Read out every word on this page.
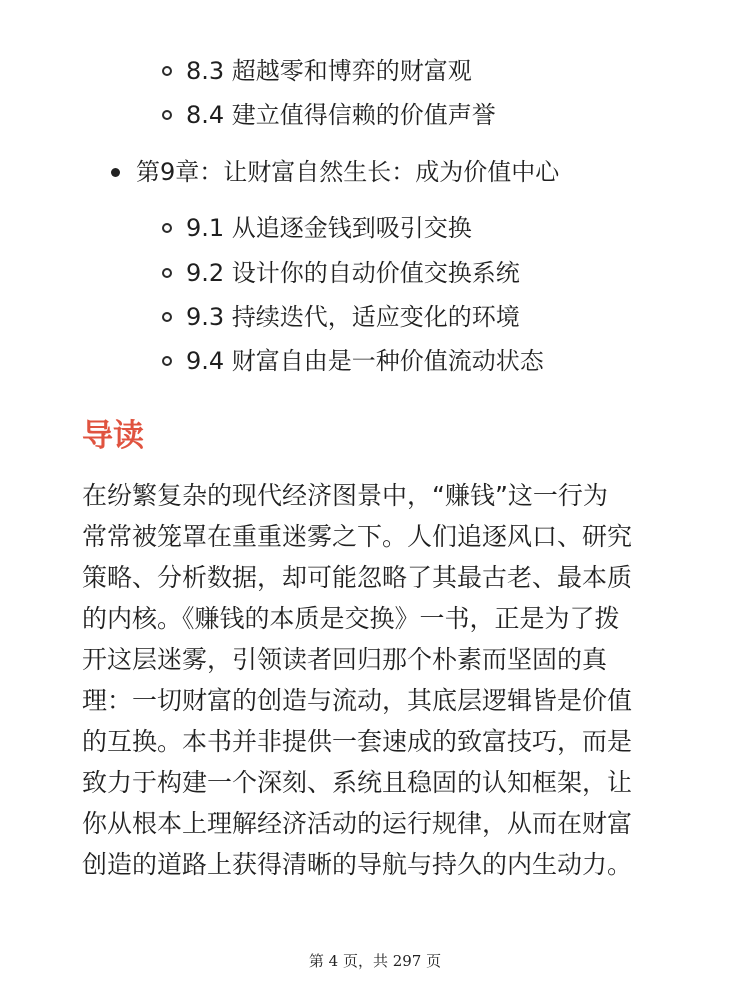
8.3 超越零和博弈的财富观
8.4 建立值得信赖的价值声誉
第9章：让财富自然生长：成为价值中心
9.1 从追逐金钱到吸引交换
9.2 设计你的自动价值交换系统
9.3 持续迭代，适应变化的环境
9.4 财富自由是一种价值流动状态
导读
在纷繁复杂的现代经济图景中，“赚钱”这一行为
常常被笼罩在重重迷雾之下。人们追逐风口、研究
策略、分析数据，却可能忽略了其最古老、最本质
的内核。《赚钱的本质是交换》一书，正是为了拨
开这层迷雾，引领读者回归那个朴素而坚固的真
理：一切财富的创造与流动，其底层逻辑皆是价值
的互换。本书并非提供一套速成的致富技巧，而是
致力于构建一个深刻、系统且稳固的认知框架，让
你从根本上理解经济活动的运行规律，从而在财富
创造的道路上获得清晰的导航与持久的内生动力。
第 4 页，共 297 页
